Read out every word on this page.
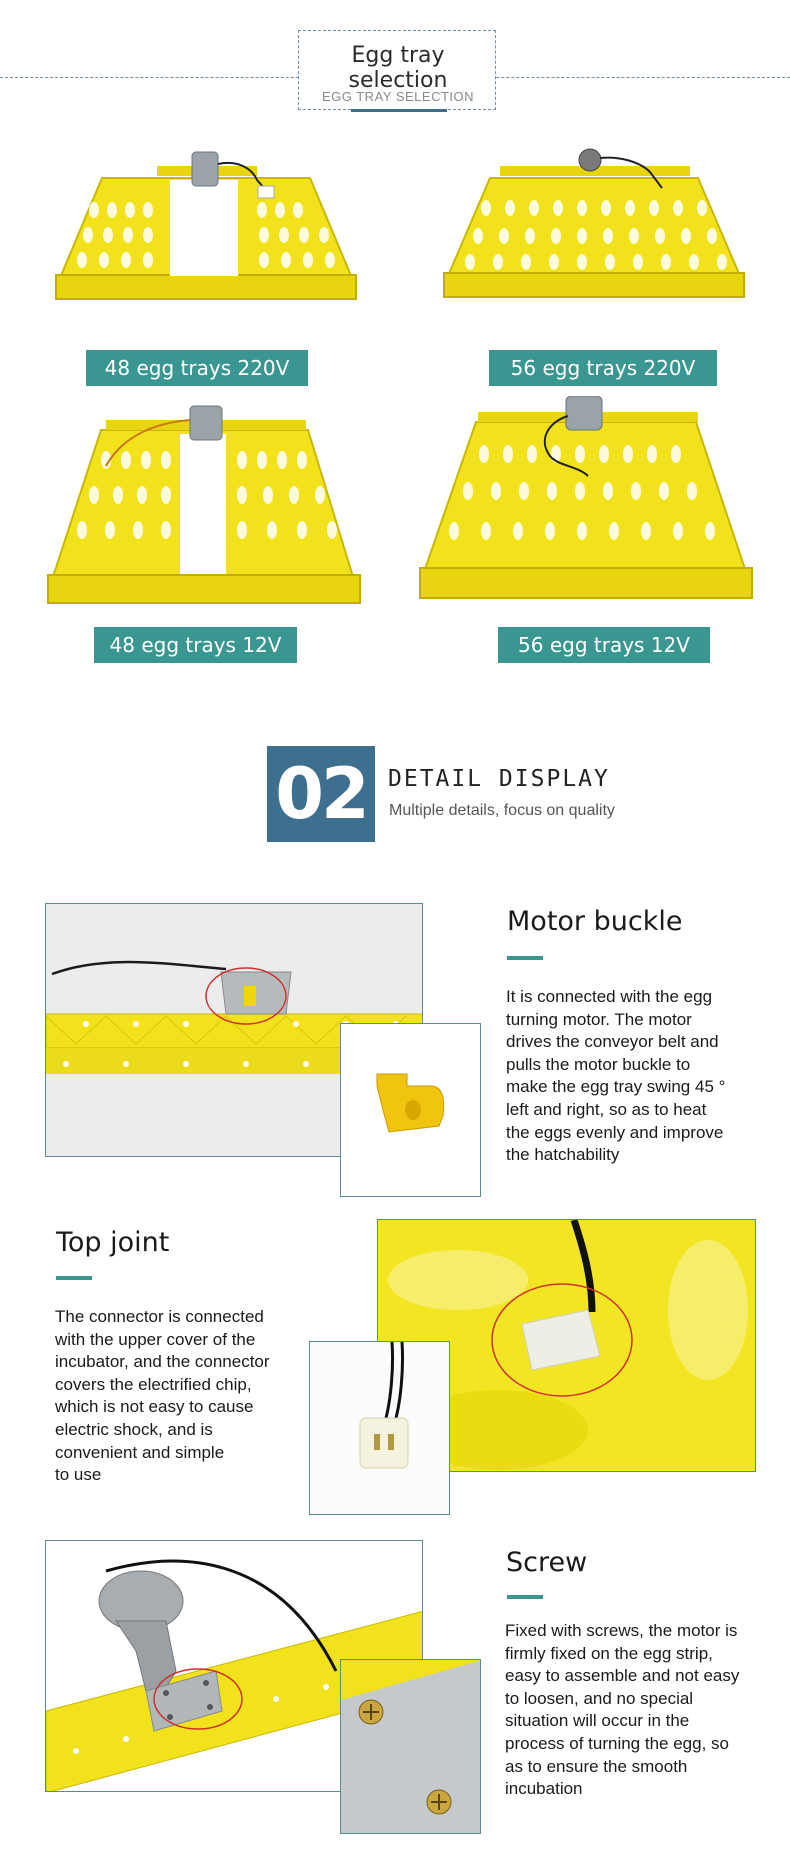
Egg tray selection
EGG TRAY SELECTION
48 egg trays 220V	56 egg trays 220V
48 egg trays 12V	56 egg trays 12V
02 DETAIL DISPLAY
Multiple details, focus on quality
Motor buckle
It is connected with the egg
turning motor. The motor
drives the conveyor belt and
pulls the motor buckle to
make the egg tray swing 45 °
left and right, so as to heat
the eggs evenly and improve
the hatchability
Top joint
The connector is connected
with the upper cover of the
incubator, and the connector
covers the electrified chip,
which is not easy to cause
electric shock, and is
convenient and simple
to use
Screw
Fixed with screws, the motor is
firmly fixed on the egg strip,
easy to assemble and not easy
to loosen, and no special
situation will occur in the
process of turning the egg, so
as to ensure the smooth
incubation
